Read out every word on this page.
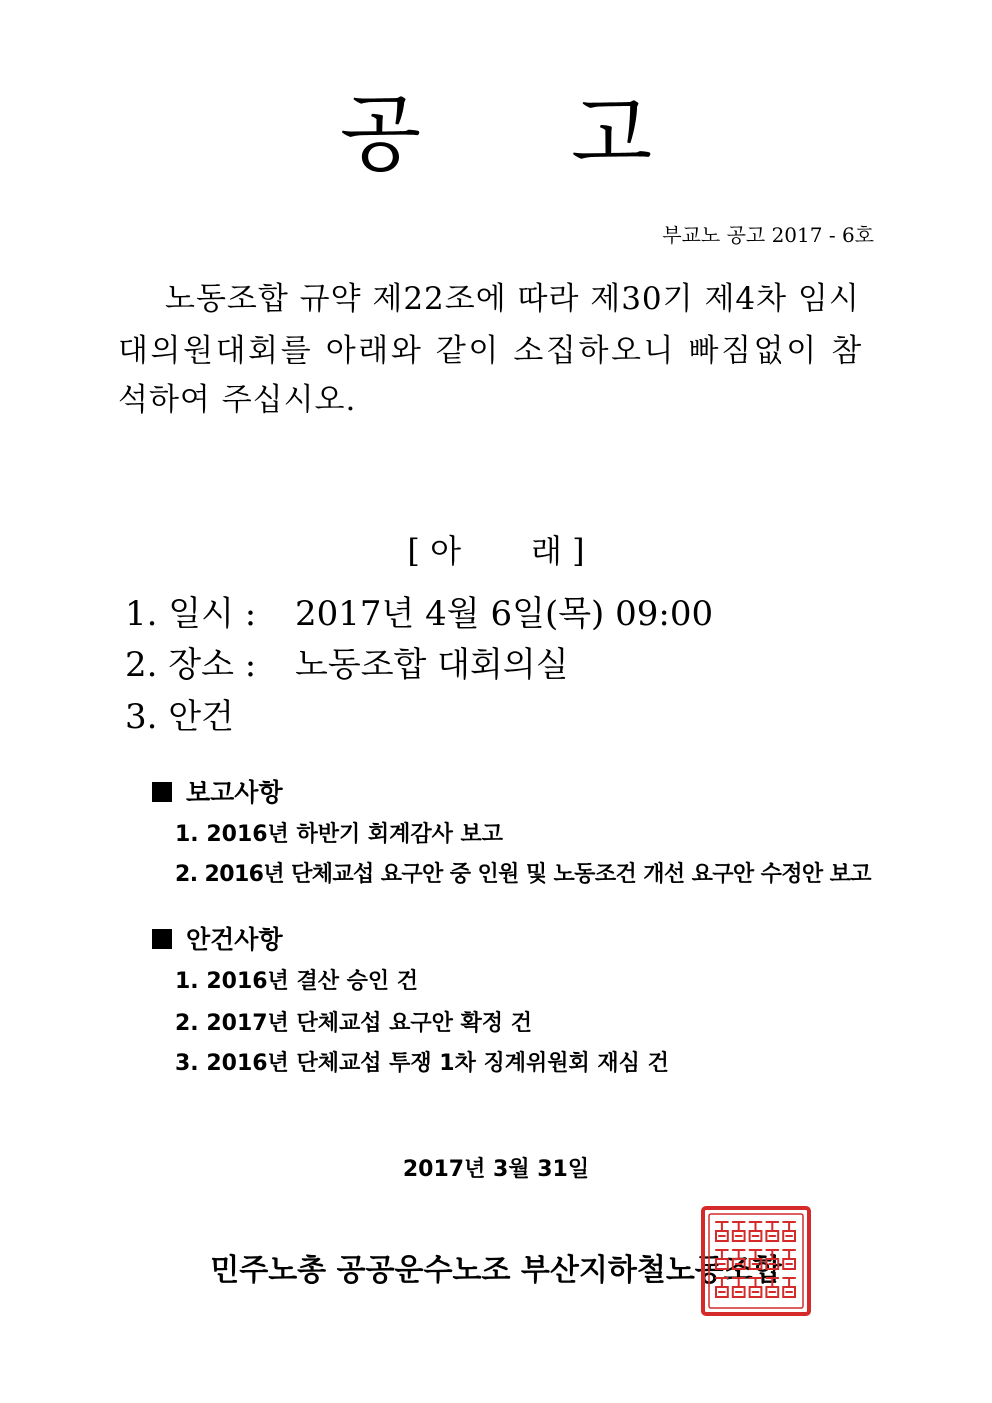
공 고
부교노 공고 2017 - 6호
노동조합 규약 제22조에 따라 제30기 제4차 임시
대의원대회를 아래와 같이 소집하오니 빠짐없이 참
석하여 주십시오.
[ 아 래 ]
1. 일시 : 2017년 4월 6일(목) 09:00
2. 장소 : 노동조합 대회의실
3. 안건
보고사항
1. 2016년 하반기 회계감사 보고
2. 2016년 단체교섭 요구안 중 인원 및 노동조건 개선 요구안 수정안 보고
안건사항
1. 2016년 결산 승인 건
2. 2017년 단체교섭 요구안 확정 건
3. 2016년 단체교섭 투쟁 1차 징계위원회 재심 건
2017년 3월 31일
민주노총 공공운수노조 부산지하철노동조합
